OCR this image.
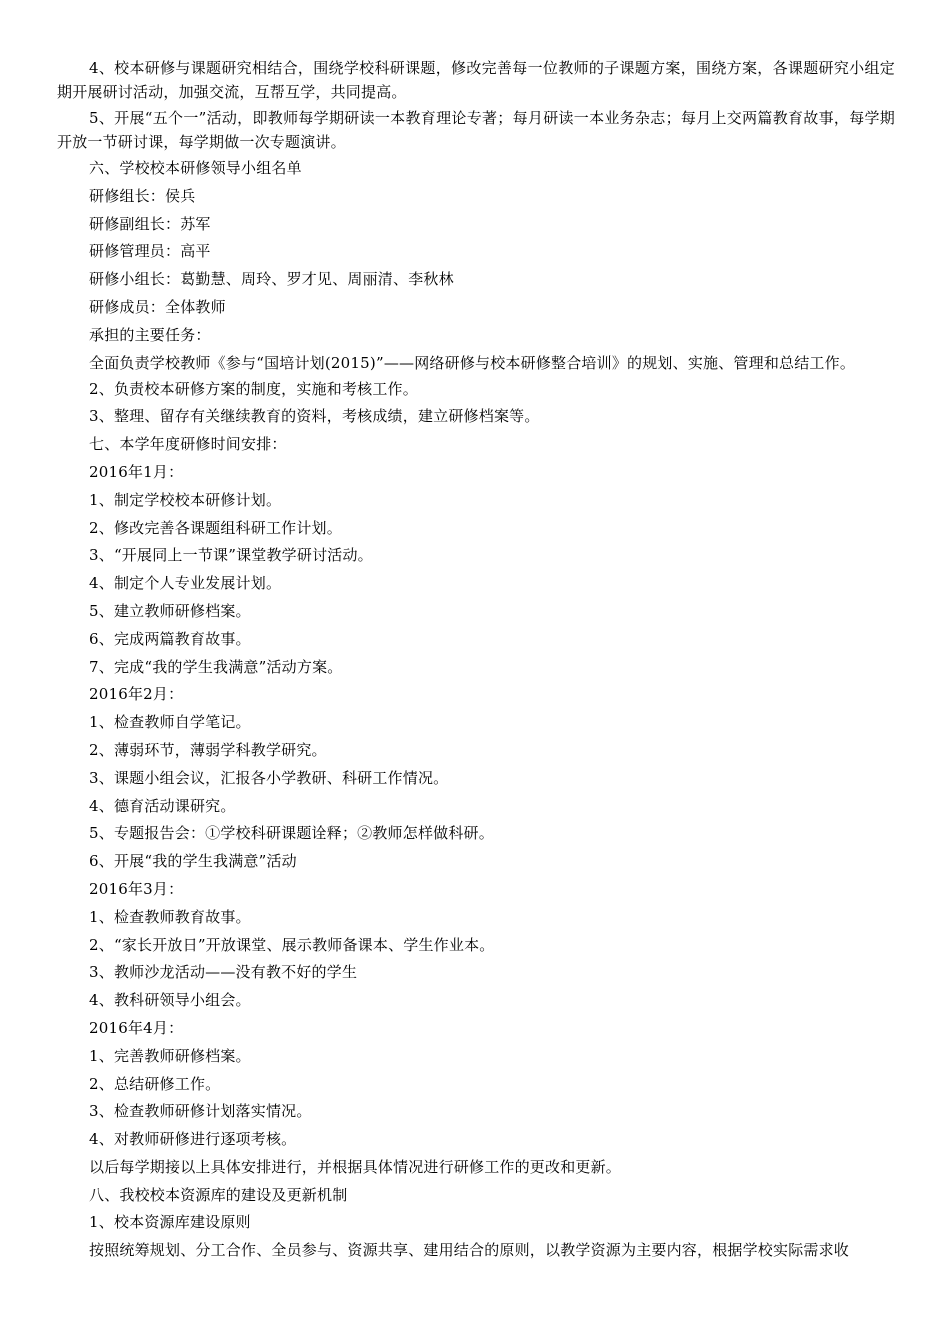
4、校本研修与课题研究相结合，围绕学校科研课题，修改完善每一位教师的子课题方案，围绕方案，各课题研究小组定期开展研讨活动，加强交流，互帮互学，共同提高。

5、开展“五个一”活动，即教师每学期研读一本教育理论专著；每月研读一本业务杂志；每月上交两篇教育故事，每学期开放一节研讨课，每学期做一次专题演讲。

六、学校校本研修领导小组名单

研修组长：侯兵

研修副组长：苏军

研修管理员：高平

研修小组长：葛勤慧、周玲、罗才见、周丽清、李秋林

研修成员：全体教师

承担的主要任务：

全面负责学校教师《参与“国培计划(2015)”——网络研修与校本研修整合培训》的规划、实施、管理和总结工作。

2、负责校本研修方案的制度，实施和考核工作。

3、整理、留存有关继续教育的资料，考核成绩，建立研修档案等。

七、本学年度研修时间安排：

2016年1月：

1、制定学校校本研修计划。

2、修改完善各课题组科研工作计划。

3、“开展同上一节课”课堂教学研讨活动。

4、制定个人专业发展计划。

5、建立教师研修档案。

6、完成两篇教育故事。

7、完成“我的学生我满意”活动方案。

2016年2月：

1、检查教师自学笔记。

2、薄弱环节，薄弱学科教学研究。

3、课题小组会议，汇报各小学教研、科研工作情况。

4、德育活动课研究。

5、专题报告会：①学校科研课题诠释；②教师怎样做科研。

6、开展“我的学生我满意”活动

2016年3月：

1、检查教师教育故事。

2、“家长开放日”开放课堂、展示教师备课本、学生作业本。

3、教师沙龙活动——没有教不好的学生

4、教科研领导小组会。

2016年4月：

1、完善教师研修档案。

2、总结研修工作。

3、检查教师研修计划落实情况。

4、对教师研修进行逐项考核。

以后每学期接以上具体安排进行，并根据具体情况进行研修工作的更改和更新。

八、我校校本资源库的建设及更新机制

1、校本资源库建设原则

按照统筹规划、分工合作、全员参与、资源共享、建用结合的原则，以教学资源为主要内容，根据学校实际需求收
